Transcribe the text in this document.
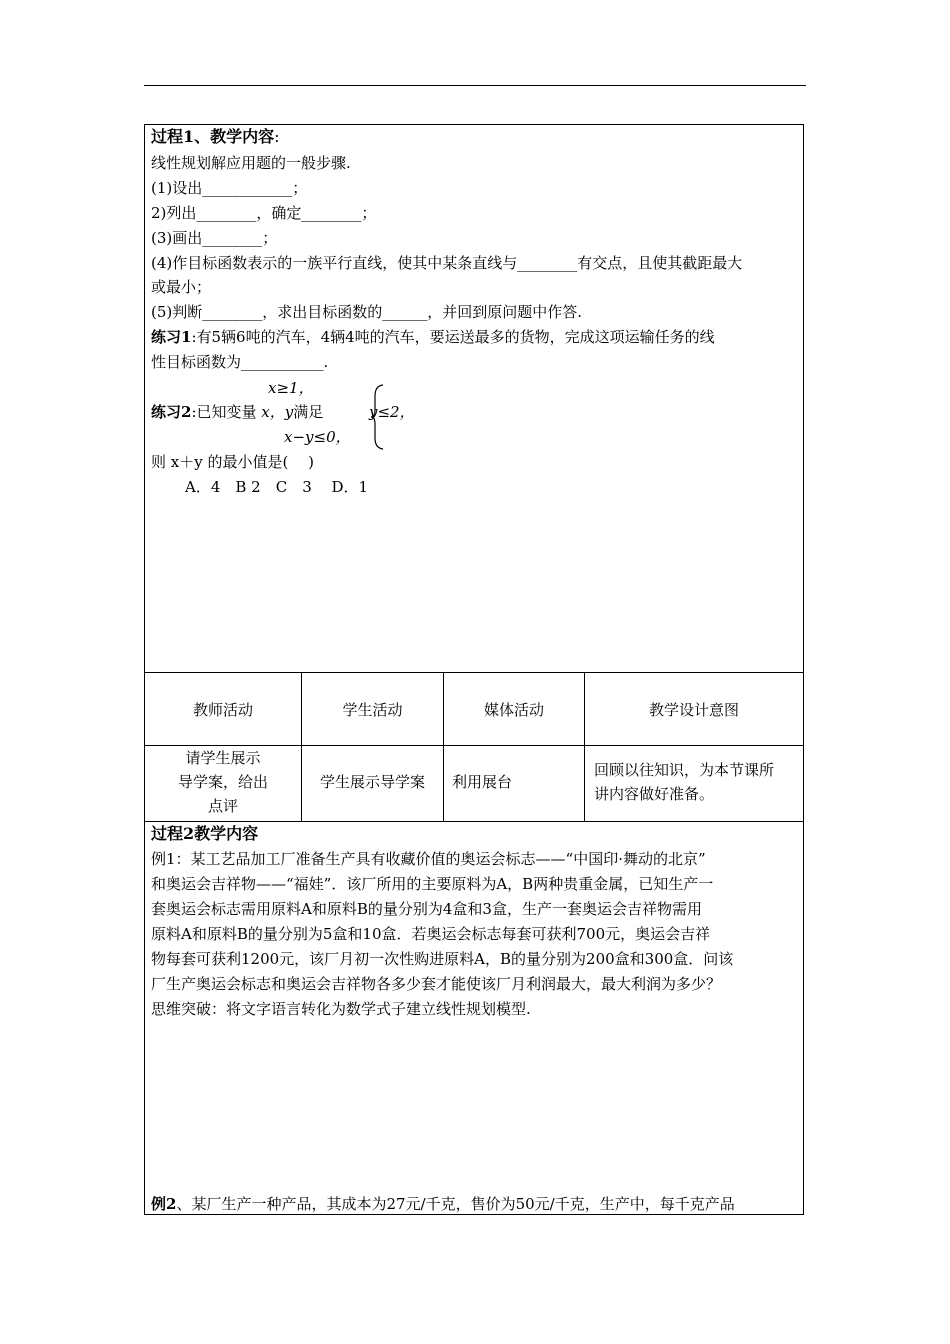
过程1、教学内容:
线性规划解应用题的一般步骤.
(1)设出____________；
2)列出________，确定________；
(3)画出________；
(4)作目标函数表示的一族平行直线，使其中某条直线与________有交点，且使其截距最大
或最小；
(5)判断________，求出目标函数的______，并回到原问题中作答.
练习1:有5辆6吨的汽车，4辆4吨的汽车，要运送最多的货物，完成这项运输任务的线
性目标函数为___________.
x≥1，
练习2:已知变量 x，y满足	y≤2，
x−y≤0，
则 x＋y 的最小值是(　 )
A．4　B 2　C　3　 D．1
教师活动	学生活动	媒体活动	教学设计意图
请学生展示
导学案，给出
点评
学生展示导学案	利用展台
回顾以往知识，为本节课所
讲内容做好准备。
过程2教学内容
例1：某工艺品加工厂准备生产具有收藏价值的奥运会标志——“中国印·舞动的北京”
和奥运会吉祥物——“福娃”．该厂所用的主要原料为A，B两种贵重金属，已知生产一
套奥运会标志需用原料A和原料B的量分别为4盒和3盒，生产一套奥运会吉祥物需用
原料A和原料B的量分别为5盒和10盒．若奥运会标志每套可获利700元，奥运会吉祥
物每套可获利1200元，该厂月初一次性购进原料A，B的量分别为200盒和300盒．问该
厂生产奥运会标志和奥运会吉祥物各多少套才能使该厂月利润最大，最大利润为多少？
思维突破：将文字语言转化为数学式子建立线性规划模型.
例2、某厂生产一种产品，其成本为27元/千克，售价为50元/千克，生产中，每千克产品
